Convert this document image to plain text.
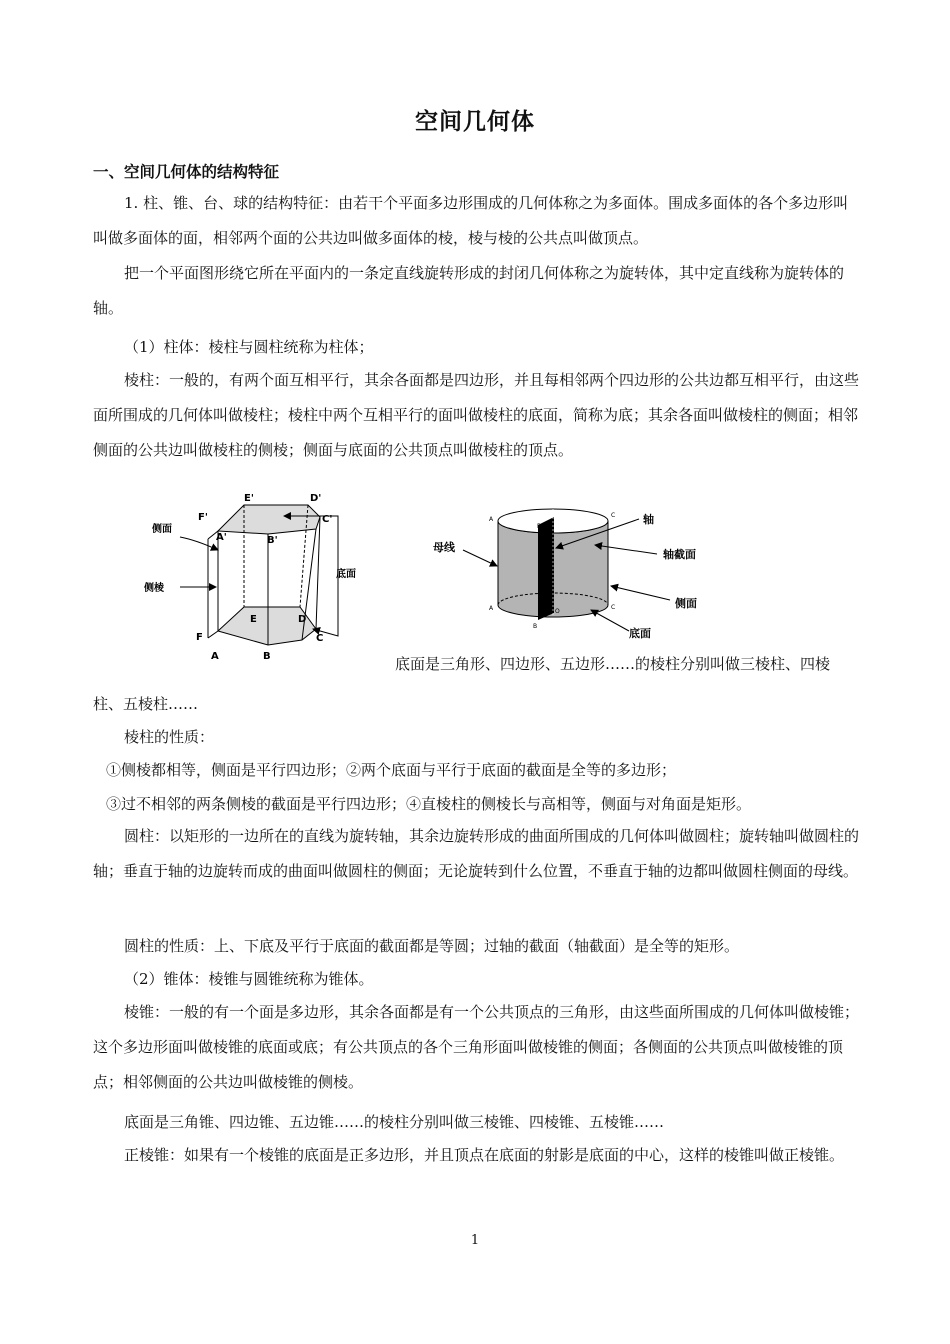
空间几何体
一、空间几何体的结构特征

1. 柱、锥、台、球的结构特征：由若干个平面多边形围成的几何体称之为多面体。围成多面体的各个多边形叫叫做多面体的面，相邻两个面的公共边叫做多面体的棱，棱与棱的公共点叫做顶点。

把一个平面图形绕它所在平面内的一条定直线旋转形成的封闭几何体称之为旋转体，其中定直线称为旋转体的轴。

（1）柱体：棱柱与圆柱统称为柱体；

棱柱：一般的，有两个面互相平行，其余各面都是四边形，并且每相邻两个四边形的公共边都互相平行，由这些面所围成的几何体叫做棱柱；棱柱中两个互相平行的面叫做棱柱的底面，简称为底；其余各面叫做棱柱的侧面；相邻侧面的公共边叫做棱柱的侧棱；侧面与底面的公共顶点叫做棱柱的顶点。

侧面
侧棱
底面
E'	D'
F'	C'
A'	B'
E	D
F	C
A	B
A
B
C
A
B
C
O
母线
轴
轴截面
侧面
底面
底面是三角形、四边形、五边形……的棱柱分别叫做三棱柱、四棱
柱、五棱柱……
棱柱的性质：
①侧棱都相等，侧面是平行四边形；②两个底面与平行于底面的截面是全等的多边形；
③过不相邻的两条侧棱的截面是平行四边形；④直棱柱的侧棱长与高相等，侧面与对角面是矩形。

圆柱：以矩形的一边所在的直线为旋转轴，其余边旋转形成的曲面所围成的几何体叫做圆柱；旋转轴叫做圆柱的轴；垂直于轴的边旋转而成的曲面叫做圆柱的侧面；无论旋转到什么位置，不垂直于轴的边都叫做圆柱侧面的母线。

圆柱的性质：上、下底及平行于底面的截面都是等圆；过轴的截面（轴截面）是全等的矩形。
（2）锥体：棱锥与圆锥统称为锥体。

棱锥：一般的有一个面是多边形，其余各面都是有一个公共顶点的三角形，由这些面所围成的几何体叫做棱锥；这个多边形面叫做棱锥的底面或底；有公共顶点的各个三角形面叫做棱锥的侧面；各侧面的公共顶点叫做棱锥的顶点；相邻侧面的公共边叫做棱锥的侧棱。

底面是三角锥、四边锥、五边锥……的棱柱分别叫做三棱锥、四棱锥、五棱锥……

正棱锥：如果有一个棱锥的底面是正多边形，并且顶点在底面的射影是底面的中心，这样的棱锥叫做正棱锥。

1
